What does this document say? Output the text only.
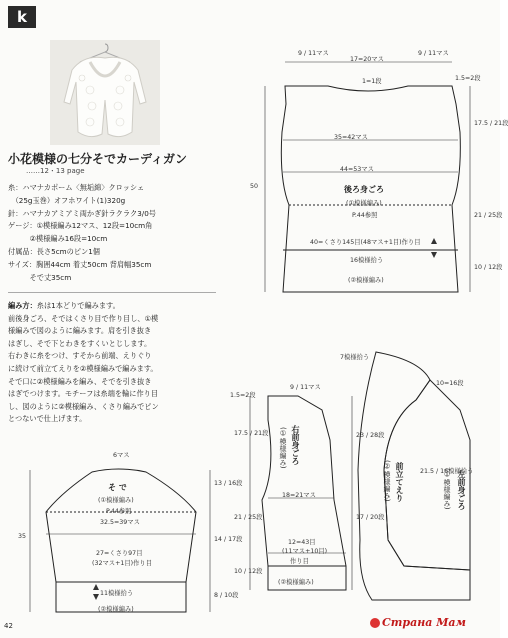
k
小花模様の七分そでカーディガン
……12・13 page
糸：ハマナカポーム〈無垢綿〉クロッシェ
　（25g玉巻）オフホワイト(1)320g
針：ハマナカアミアミ両かぎ針ラクラク3/0号
ゲージ：①模様編み12マス、12段=10cm角
　　　②模様編み16段=10cm
付属品：長さ5cmのピン1個
サイズ：胸囲44cm 着丈50cm 背肩幅35cm
　　　そで丈35cm

編み方：糸は1本どりで編みます。

前後身ごろ、そではくさり目で作り目し、①模

様編みで図のように編みます。肩を引き抜き

はぎし、そで下とわきをすくいとじします。

右わきに糸をつけ、すそから前端、えりぐり

に続けて前立てえりを②模様編みで編みます。

そで口に②模様編みを編み、そでを引き抜き

はぎでつけます。モチーフは糸端を輪に作り目

し、図のように②模様編み、くさり編みでピン

とつないで仕上げます。

9 / 11マス
17=20マス
9 / 11マス
1=1段	1.5=2段
17.5 / 21段
21 / 25段
10 / 12段
35=42マス
44=53マス
50	後ろ身ごろ
(①模様編み)
P.44参照
40=くさり145目(48マス+1目)作り目
16模様拾う
(②模様編み)
6マス
そ で
(①模様編み)
P.44参照
32.5=39マス
35
27=くさり97目
(32マス+1目)作り目
11模様拾う
(②模様編み)
13 / 16段
14 / 17段
8 / 10段
9 / 11マス
1.5=2段
17.5 / 21段	右前身ごろ
(①模様編み)	23 / 28段
21 / 25段	17 / 20段
10 / 12段
18=21マス
12=43目
(11マス+10目)
作り目
(②模様編み)
7模様拾う
10=16段
21.5 / 16模様拾う
前立てえり
(②模様編み)	左前身ごろ
(①模様編み)
42	Страна Мам
